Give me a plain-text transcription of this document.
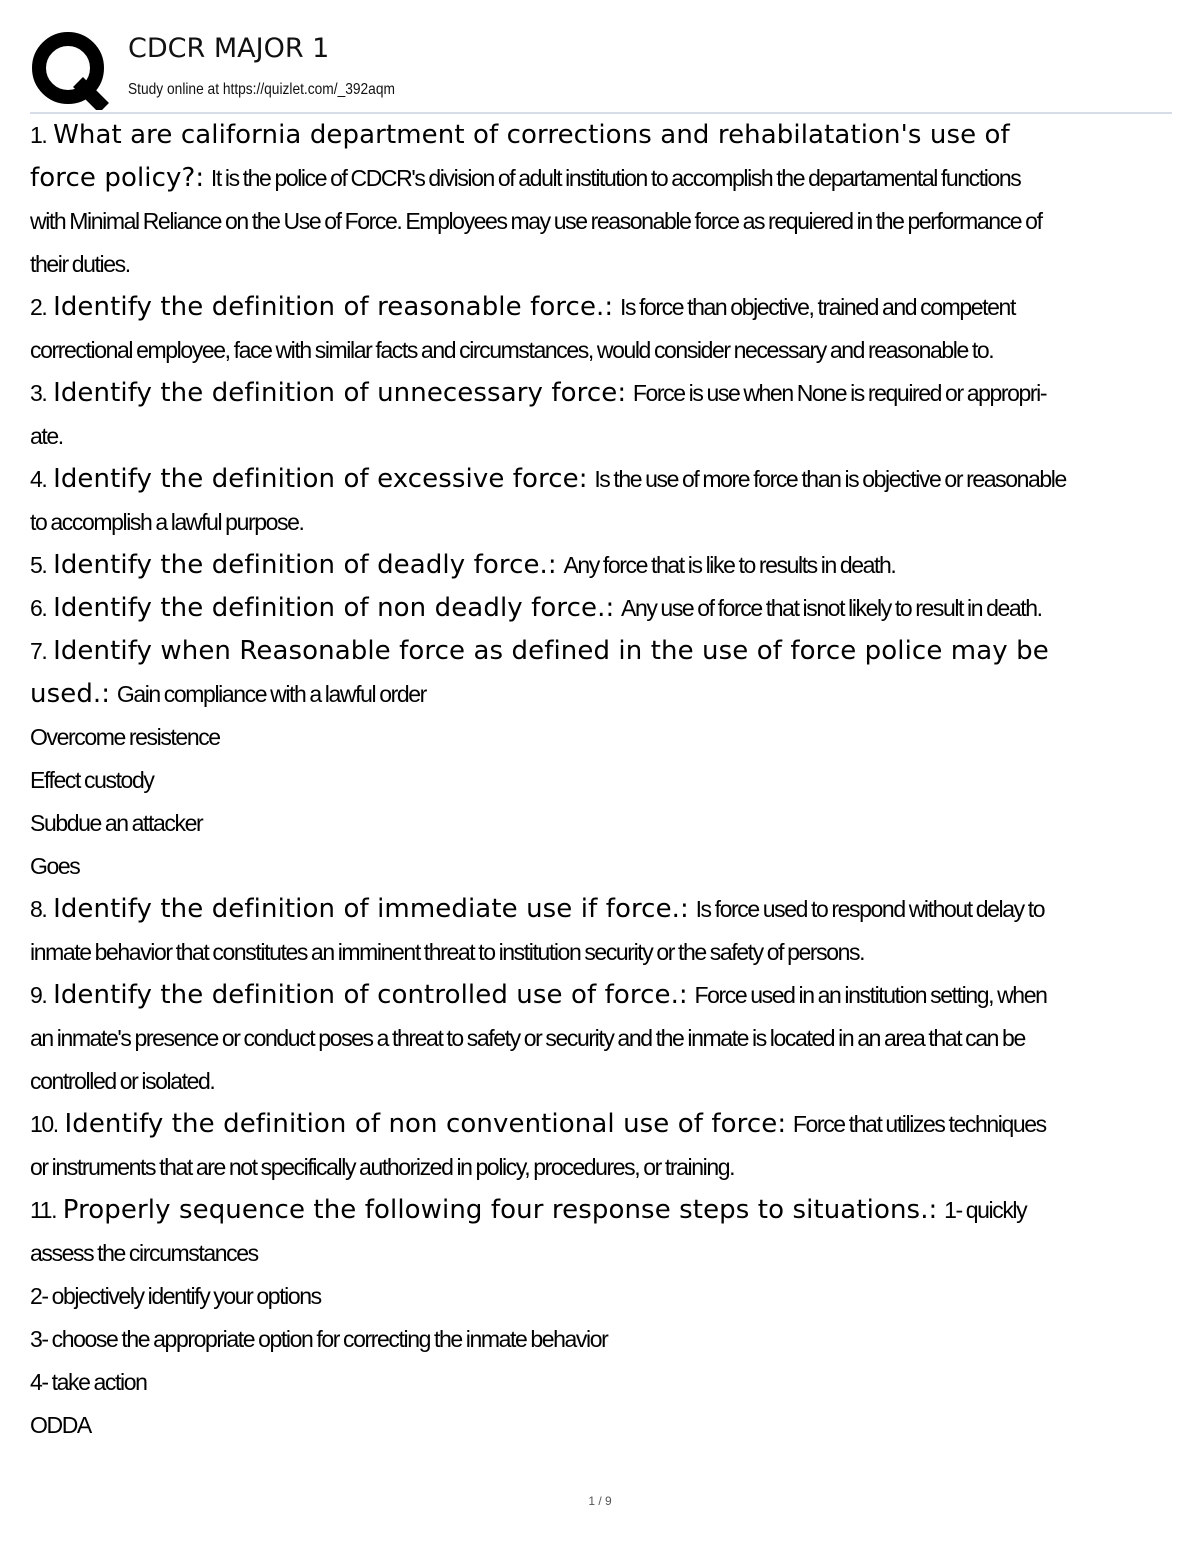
CDCR MAJOR 1
Study online at https://quizlet.com/_392aqm
1. What are california department of corrections and rehabilatation's use of
force policy?: It is the police of CDCR's division of adult institution to accomplish the departamental functions
with Minimal Reliance on the Use of Force. Employees may use reasonable force as requiered in the performance of
their duties.
2. Identify the definition of reasonable force.: Is force than objective, trained and competent
correctional employee, face with similar facts and circumstances, would consider necessary and reasonable to.
3. Identify the definition of unnecessary force: Force is use when None is required or appropri-
ate.
4. Identify the definition of excessive force: Is the use of more force than is objective or reasonable
to accomplish a lawful purpose.
5. Identify the definition of deadly force.: Any force that is like to results in death.
6. Identify the definition of non deadly force.: Any use of force that isnot likely to result in death.
7. Identify when Reasonable force as defined in the use of force police may be
used.: Gain compliance with a lawful order
Overcome resistence
Effect custody
Subdue an attacker
Goes
8. Identify the definition of immediate use if force.: Is force used to respond without delay to
inmate behavior that constitutes an imminent threat to institution security or the safety of persons.
9. Identify the definition of controlled use of force.: Force used in an institution setting, when
an inmate's presence or conduct poses a threat to safety or security and the inmate is located in an area that can be
controlled or isolated.
10. Identify the definition of non conventional use of force: Force that utilizes techniques
or instruments that are not specifically authorized in policy, procedures, or training.
11. Properly sequence the following four response steps to situations.: 1- quickly
assess the circumstances
2- objectively identify your options
3- choose the appropriate option for correcting the inmate behavior
4- take action
ODDA
1 / 9
